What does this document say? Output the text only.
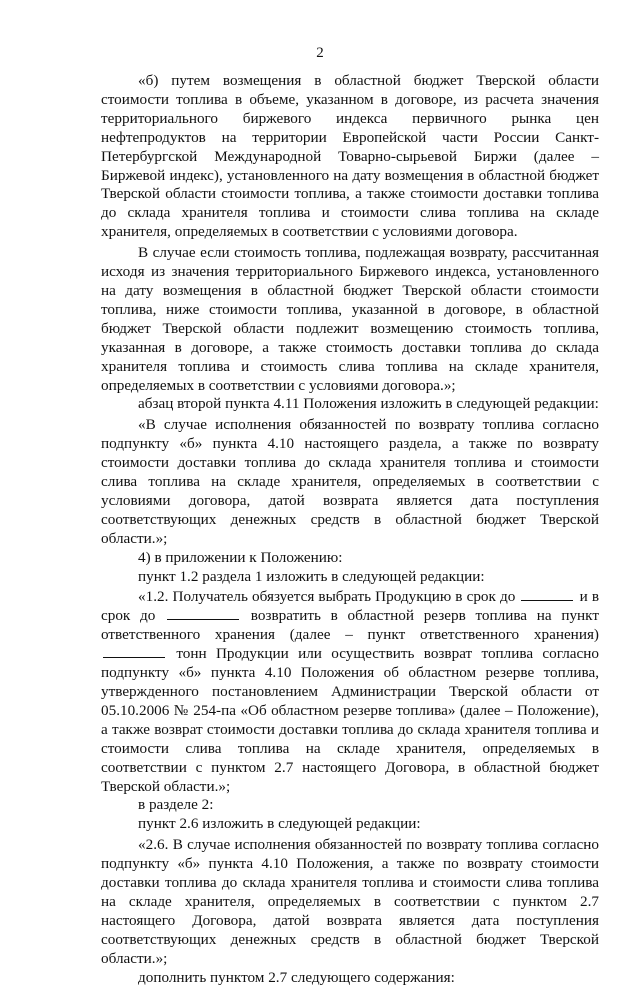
2

«б) путем возмещения в областной бюджет Тверской области стоимости топлива в объеме, указанном в договоре, из расчета значения территориального биржевого индекса первичного рынка цен нефтепродуктов на территории Европейской части России Санкт-Петербургской Международной Товарно-сырьевой Биржи (далее – Биржевой индекс), установленного на дату возмещения в областной бюджет Тверской области стоимости топлива, а также стоимости доставки топлива до склада хранителя топлива и стоимости слива топлива на складе хранителя, определяемых в соответствии с условиями договора.

В случае если стоимость топлива, подлежащая возврату, рассчитанная исходя из значения территориального Биржевого индекса, установленного на дату возмещения в областной бюджет Тверской области стоимости топлива, ниже стоимости топлива, указанной в договоре, в областной бюджет Тверской области подлежит возмещению стоимость топлива, указанная в договоре, а также стоимость доставки топлива до склада хранителя топлива и стоимость слива топлива на складе хранителя, определяемых в соответствии с условиями договора.»;

абзац второй пункта 4.11 Положения изложить в следующей редакции:

«В случае исполнения обязанностей по возврату топлива согласно подпункту «б» пункта 4.10 настоящего раздела, а также по возврату стоимости доставки топлива до склада хранителя топлива и стоимости слива топлива на складе хранителя, определяемых в соответствии с условиями договора, датой возврата является дата поступления соответствующих денежных средств в областной бюджет Тверской области.»;

4) в приложении к Положению:

пункт 1.2 раздела 1 изложить в следующей редакции:

«1.2. Получатель обязуется выбрать Продукцию в срок до	и в срок до	возвратить в областной резерв топлива на пункт ответственного хранения (далее – пункт ответственного хранения)  тонн Продукции или осуществить возврат топлива согласно подпункту «б» пункта 4.10 Положения об областном резерве топлива, утвержденного постановлением Администрации Тверской области от 05.10.2006 № 254-па «Об областном резерве топлива» (далее – Положение), а также возврат стоимости доставки топлива до склада хранителя топлива и стоимости слива топлива на складе хранителя, определяемых в соответствии с пунктом 2.7 настоящего Договора, в областной бюджет Тверской области.»;

в разделе 2:

пункт 2.6 изложить в следующей редакции:

«2.6. В случае исполнения обязанностей по возврату топлива согласно подпункту «б» пункта 4.10 Положения, а также по возврату стоимости доставки топлива до склада хранителя топлива и стоимости слива топлива на складе хранителя, определяемых в соответствии с пунктом 2.7 настоящего Договора, датой возврата является дата поступления соответствующих денежных средств в областной бюджет Тверской области.»;

дополнить пунктом 2.7 следующего содержания:
